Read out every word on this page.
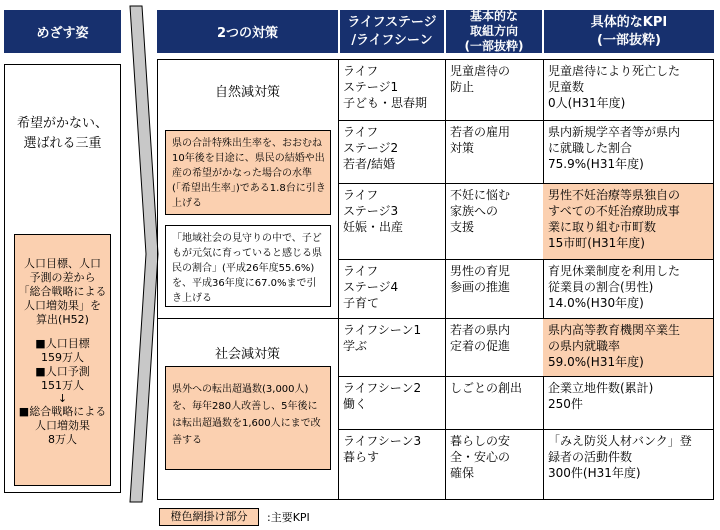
めざす姿
希望がかない、
選ばれる三重
人口目標、人口
予測の差から
「総合戦略による
人口増効果」を
算出(H52)
■人口目標
159万人
■人口予測
151万人
↓
■総合戦略による
人口増効果
8万人
2つの対策
ライフステージ
/ライフシーン
基本的な
取組方向
(一部抜粋)
具体的なKPI
(一部抜粋)
自然減対策
県の合計特殊出生率を、おおむね10年後を目途に、県民の結婚や出産の希望がかなった場合の水準(「希望出生率」)である1.8台に引き上げる
「地域社会の見守りの中で、子どもが元気に育っていると感じる県民の割合」(平成26年度55.6%)を、平成36年度に67.0%まで引き上げる
社会減対策
県外への転出超過数(3,000人)を、毎年280人改善し、5年後には転出超過数を1,600人にまで改善する
ライフ
ステージ1
子ども・思春期
児童虐待の
防止
児童虐待により死亡した
児童数
0人(H31年度)
ライフ
ステージ2
若者/結婚
若者の雇用
対策
県内新規学卒者等が県内
に就職した割合
75.9%(H31年度)
ライフ
ステージ3
妊娠・出産
不妊に悩む
家族への
支援
男性不妊治療等県独自の
すべての不妊治療助成事
業に取り組む市町数
15市町(H31年度)
ライフ
ステージ4
子育て
男性の育児
参画の推進
育児休業制度を利用した
従業員の割合(男性)
14.0%(H30年度)
ライフシーン1
学ぶ
若者の県内
定着の促進
県内高等教育機関卒業生
の県内就職率
59.0%(H31年度)
ライフシーン2
働く
しごとの創出	企業立地件数(累計)
250件
ライフシーン3
暮らす
暮らしの安
全・安心の
確保
「みえ防災人材バンク」登
録者の活動件数
300件(H31年度)
橙色網掛け部分	:主要KPI
